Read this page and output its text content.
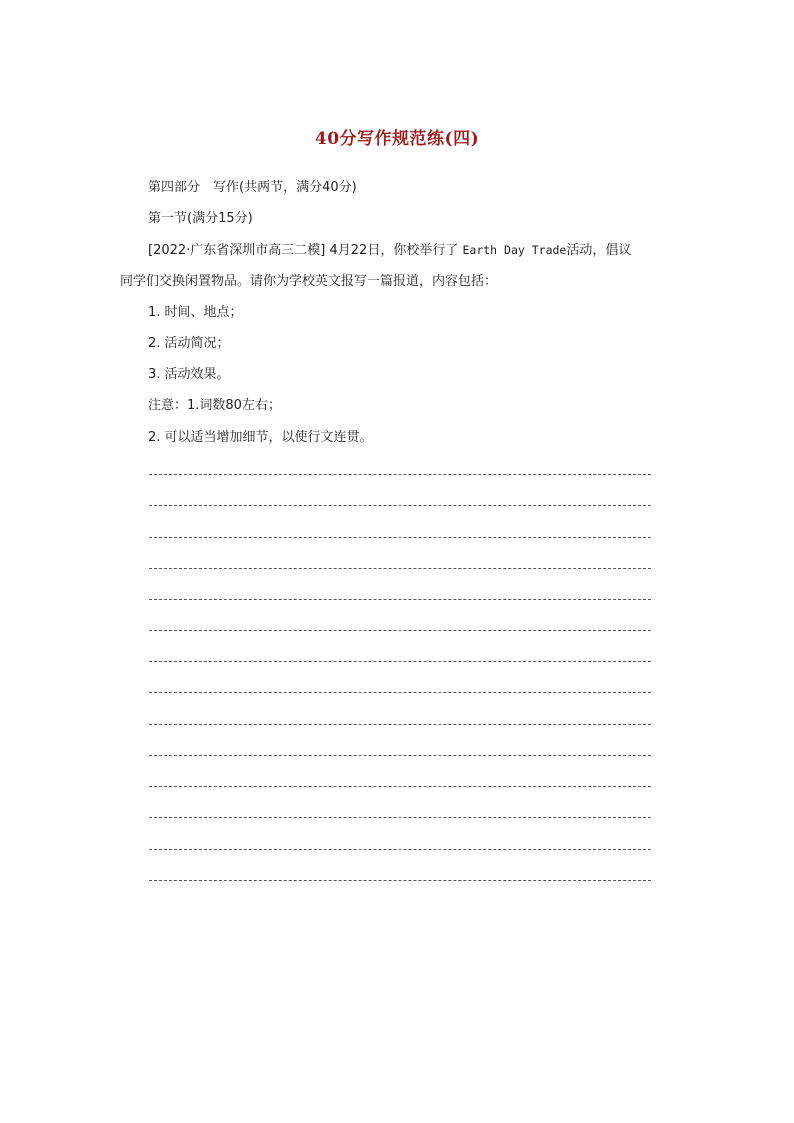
40分写作规范练(四)
第四部分　写作(共两节，满分40分)
第一节(满分15分)
[2022·广东省深圳市高三二模] 4月22日，你校举行了 Earth Day Trade活动，倡议
同学们交换闲置物品。请你为学校英文报写一篇报道，内容包括：
1. 时间、地点；
2. 活动简况；
3. 活动效果。
注意：1.词数80左右；
2. 可以适当增加细节，以使行文连贯。
